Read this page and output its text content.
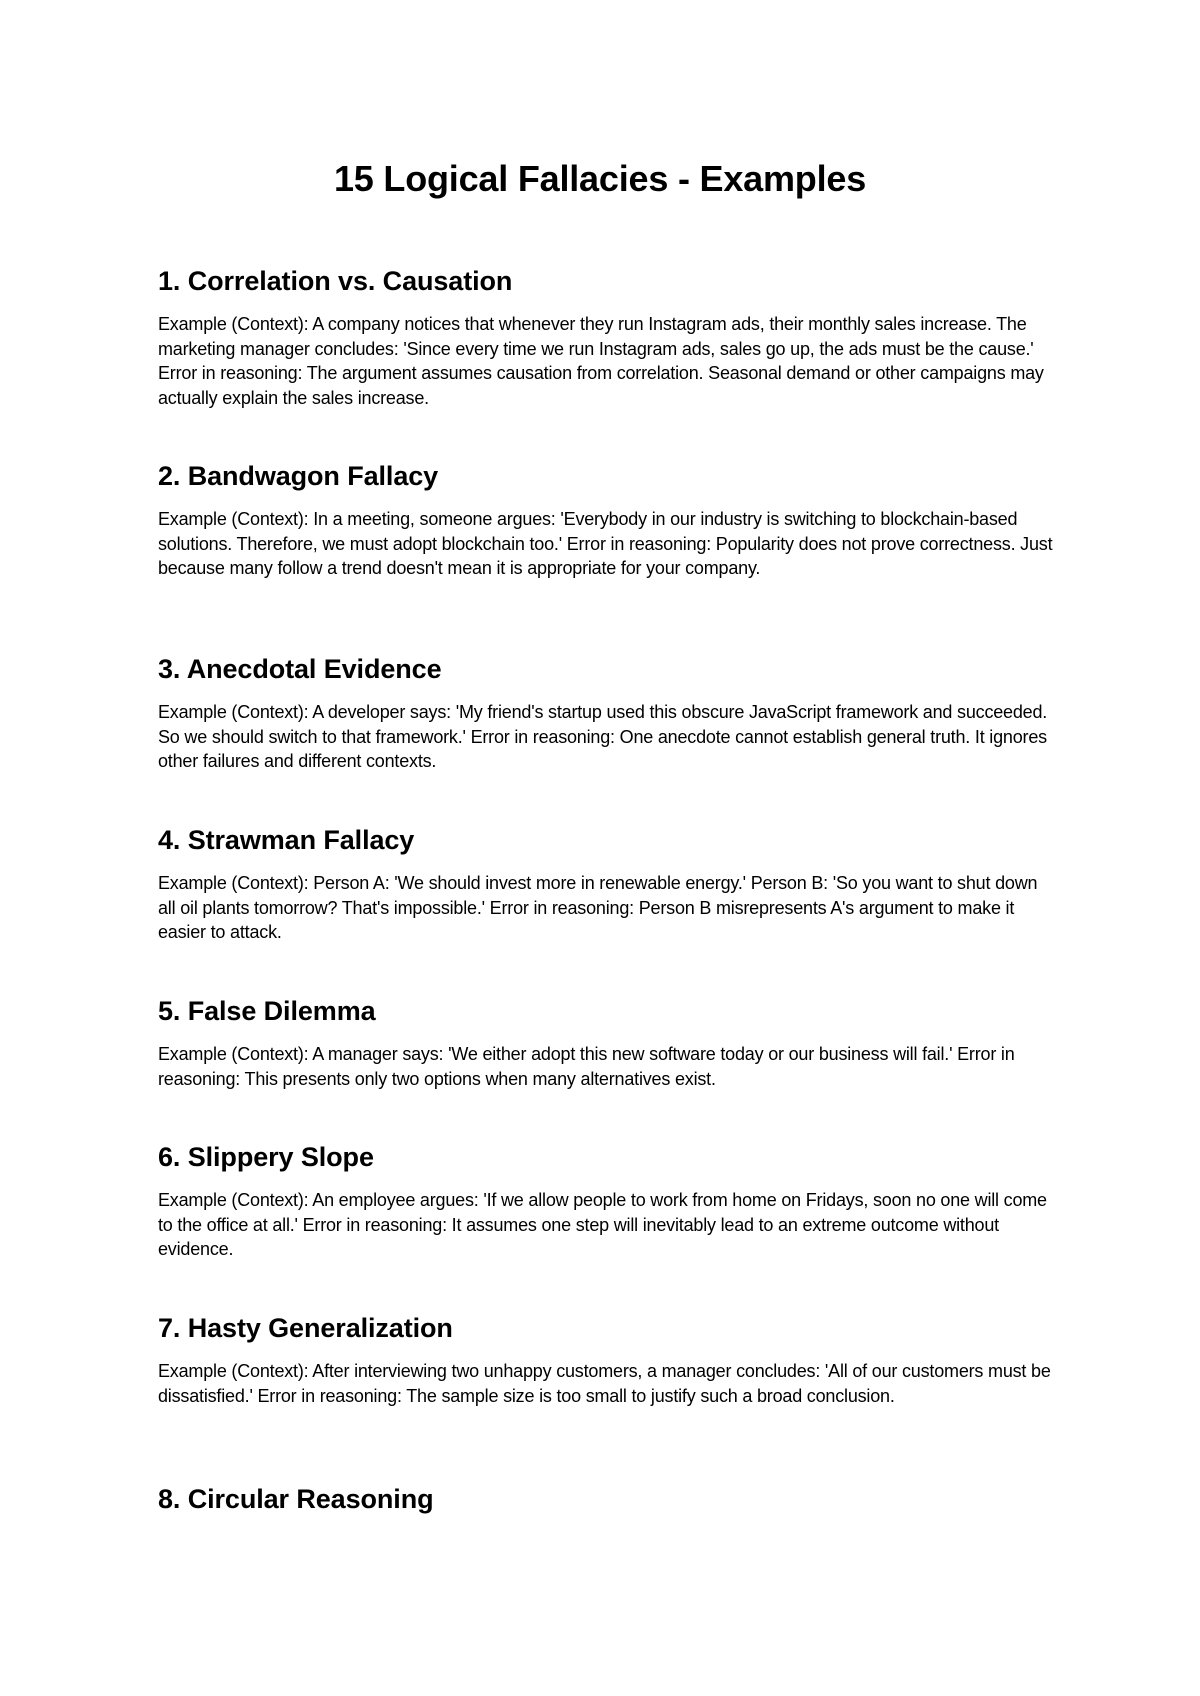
15 Logical Fallacies - Examples
1. Correlation vs. Causation

Example (Context): A company notices that whenever they run Instagram ads, their monthly sales increase. The marketing manager concludes: 'Since every time we run Instagram ads, sales go up, the ads must be the cause.' Error in reasoning: The argument assumes causation from correlation. Seasonal demand or other campaigns may actually explain the sales increase.

2. Bandwagon Fallacy

Example (Context): In a meeting, someone argues: 'Everybody in our industry is switching to blockchain-based solutions. Therefore, we must adopt blockchain too.' Error in reasoning: Popularity does not prove correctness. Just because many follow a trend doesn't mean it is appropriate for your company.

3. Anecdotal Evidence

Example (Context): A developer says: 'My friend's startup used this obscure JavaScript framework and succeeded. So we should switch to that framework.' Error in reasoning: One anecdote cannot establish general truth. It ignores other failures and different contexts.

4. Strawman Fallacy

Example (Context): Person A: 'We should invest more in renewable energy.' Person B: 'So you want to shut down all oil plants tomorrow? That's impossible.' Error in reasoning: Person B misrepresents A's argument to make it easier to attack.

5. False Dilemma

Example (Context): A manager says: 'We either adopt this new software today or our business will fail.' Error in reasoning: This presents only two options when many alternatives exist.

6. Slippery Slope

Example (Context): An employee argues: 'If we allow people to work from home on Fridays, soon no one will come to the office at all.' Error in reasoning: It assumes one step will inevitably lead to an extreme outcome without evidence.

7. Hasty Generalization

Example (Context): After interviewing two unhappy customers, a manager concludes: 'All of our customers must be dissatisfied.' Error in reasoning: The sample size is too small to justify such a broad conclusion.

8. Circular Reasoning
